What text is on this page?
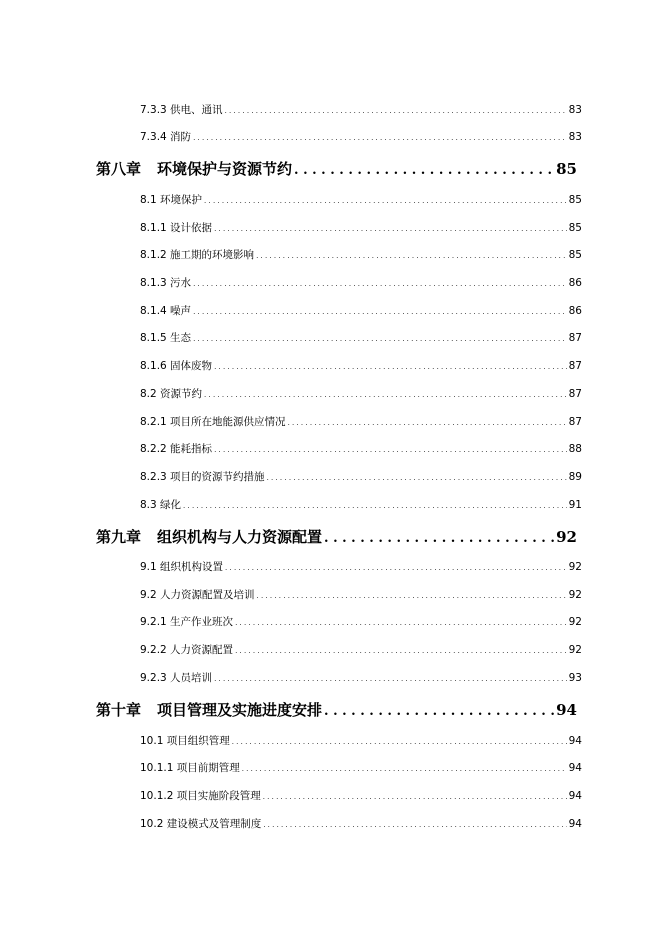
7.3.3 供电、通讯 . . .	83
7.3.4 消防 . . .	83
第八章 环境保护与资源节约 . . .	85
8.1 环境保护 . . .	85
8.1.1 设计依据 . . .	85
8.1.2 施工期的环境影响 . . .	85
8.1.3 污水 . . .	86
8.1.4 噪声 . . .	86
8.1.5 生态 . . .	87
8.1.6 固体废物 . . .	87
8.2 资源节约 . . .	87
8.2.1 项目所在地能源供应情况 . . .	87
8.2.2 能耗指标 . . .	88
8.2.3 项目的资源节约措施 . . .	89
8.3 绿化 . . .	91
第九章 组织机构与人力资源配置 . . .	92
9.1 组织机构设置 . . .	92
9.2 人力资源配置及培训 . . .	92
9.2.1 生产作业班次 . . .	92
9.2.2 人力资源配置 . . .	92
9.2.3 人员培训 . . .	93
第十章 项目管理及实施进度安排 . . .	94
10.1 项目组织管理 . . .	94
10.1.1 项目前期管理 . . .	94
10.1.2 项目实施阶段管理 . . .	94
10.2 建设模式及管理制度 . . .	94
